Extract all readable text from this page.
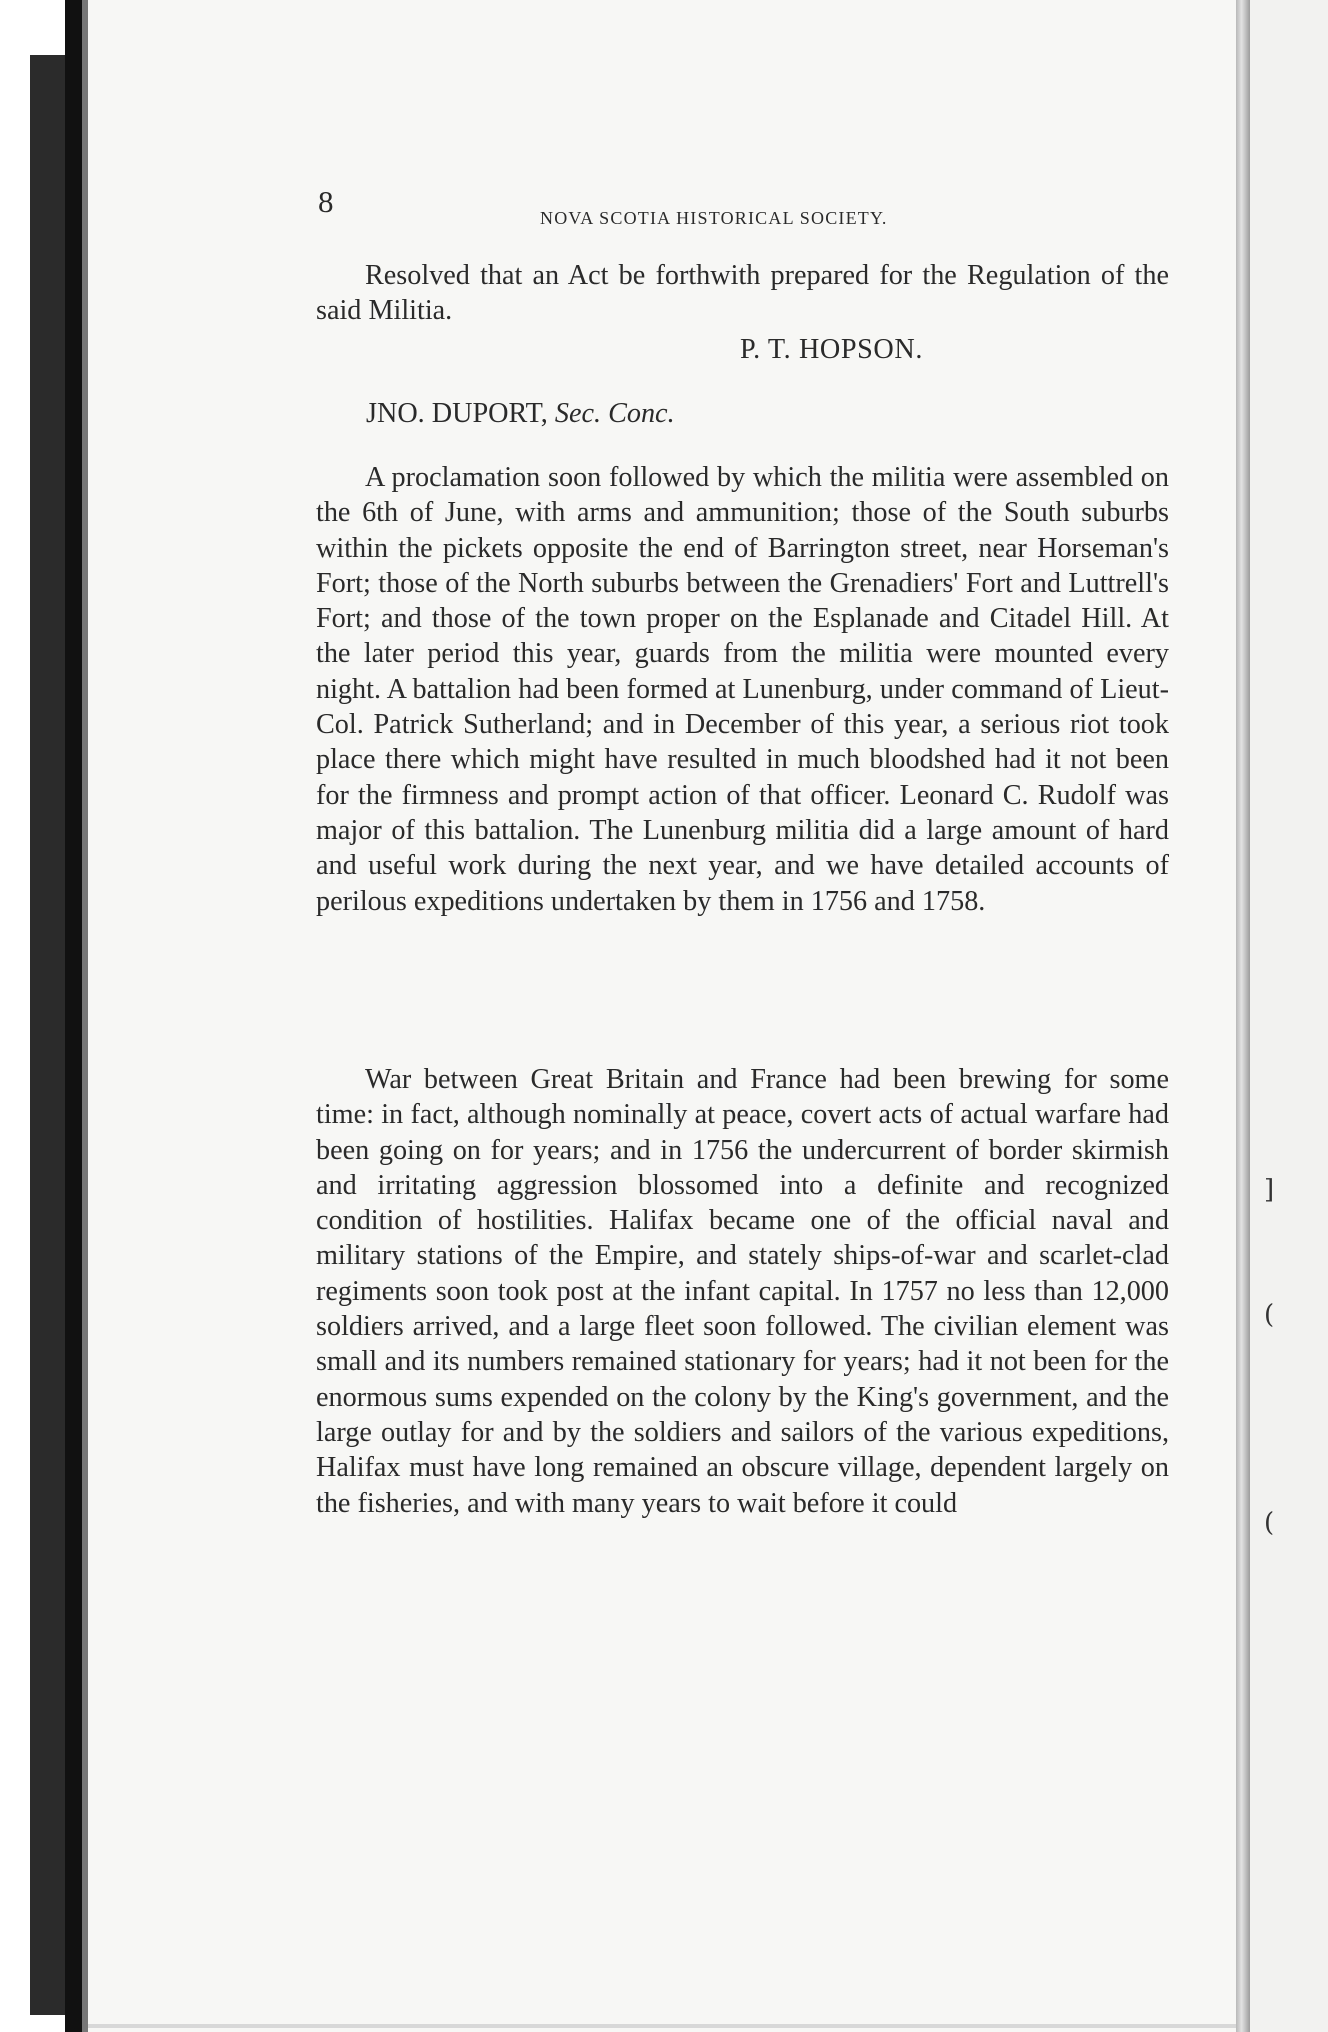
]
(
(
8	NOVA SCOTIA HISTORICAL SOCIETY.

Resolved that an Act be forthwith prepared for the Regulation of the said Militia.

P. T. HOPSON.
JNO. DUPORT, Sec. Conc.

A proclamation soon followed by which the militia were assembled on the 6th of June, with arms and ammunition; those of the South suburbs within the pickets opposite the end of Barrington street, near Horseman's Fort; those of the North suburbs between the Grenadiers' Fort and Luttrell's Fort; and those of the town proper on the Esplanade and Citadel Hill. At the later period this year, guards from the militia were mounted every night. A battalion had been formed at Lunenburg, under command of Lieut-Col. Patrick Sutherland; and in December of this year, a serious riot took place there which might have resulted in much bloodshed had it not been for the firmness and prompt action of that officer. Leonard C. Rudolf was major of this battalion. The Lunenburg militia did a large amount of hard and useful work during the next year, and we have detailed accounts of perilous expeditions undertaken by them in 1756 and 1758.

War between Great Britain and France had been brewing for some time: in fact, although nominally at peace, covert acts of actual warfare had been going on for years; and in 1756 the undercurrent of border skirmish and irritating aggression blossomed into a definite and recognized condition of hostilities. Halifax became one of the official naval and military stations of the Empire, and stately ships-of-war and scarlet-clad regiments soon took post at the infant capital. In 1757 no less than 12,000 soldiers arrived, and a large fleet soon followed. The civilian element was small and its numbers remained stationary for years; had it not been for the enormous sums expended on the colony by the King's government, and the large outlay for and by the soldiers and sailors of the various expeditions, Halifax must have long remained an obscure village, dependent largely on the fisheries, and with many years to wait before it could
